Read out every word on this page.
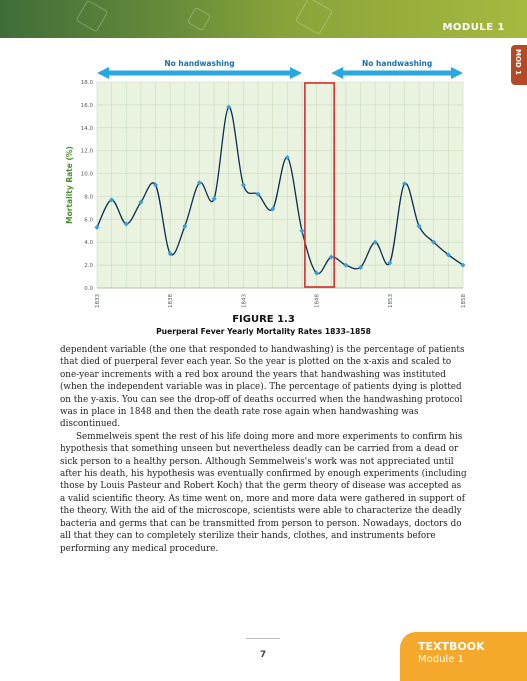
MODULE 1
MOD 1
0.0
2.0
4.0
6.0
8.0
10.0
12.0
14.0
16.0
18.0
1833	1838	1843	1848	1853	1858
Mortality Rate (%)
No handwashing	No handwashing
FIGURE 1.3
Puerperal Fever Yearly Mortality Rates 1833–1858

dependent variable (the one that responded to handwashing) is the percentage of patients that died of puerperal fever each year. So the year is plotted on the x-axis and scaled to one-year increments with a red box around the years that handwashing was instituted (when the independent variable was in place). The percentage of patients dying is plotted on the y-axis. You can see the drop-off of deaths occurred when the handwashing protocol was in place in 1848 and then the death rate rose again when handwashing was discontinued.

Semmelweis spent the rest of his life doing more and more experiments to confirm his hypothesis that something unseen but nevertheless deadly can be carried from a dead or sick person to a healthy person. Although Semmelweis's work was not appreciated until after his death, his hypothesis was eventually confirmed by enough experiments (including those by Louis Pasteur and Robert Koch) that the germ theory of disease was accepted as a valid scientific theory. As time went on, more and more data were gathered in support of the theory. With the aid of the microscope, scientists were able to characterize the deadly bacteria and germs that can be transmitted from person to person. Nowadays, doctors do all that they can to completely sterilize their hands, clothes, and instruments before performing any medical procedure.

7
TEXTBOOK
Module 1
